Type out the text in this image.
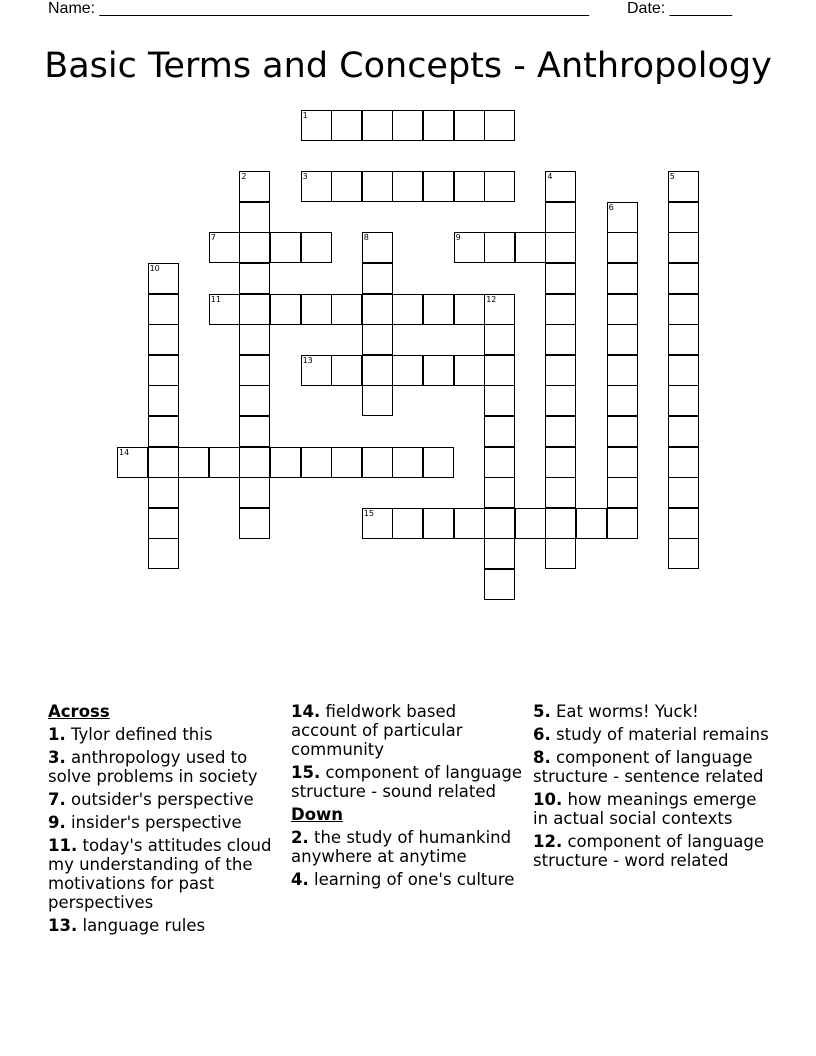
Name: _______________________________________________________ Date: _______
Basic Terms and Concepts - Anthropology
1
2	3	4	5
6
7	8	9
10
11	12
13
14
15
Across
1. Tylor defined this
3. anthropology used to solve problems in society
7. outsider's perspective
9. insider's perspective
11. today's attitudes cloud my understanding of the motivations for past perspectives
13. language rules
14. fieldwork based account of particular community
15. component of language structure - sound related
Down
2. the study of humankind anywhere at anytime
4. learning of one's culture
5. Eat worms! Yuck!
6. study of material remains
8. component of language structure - sentence related
10. how meanings emerge in actual social contexts
12. component of language structure - word related
